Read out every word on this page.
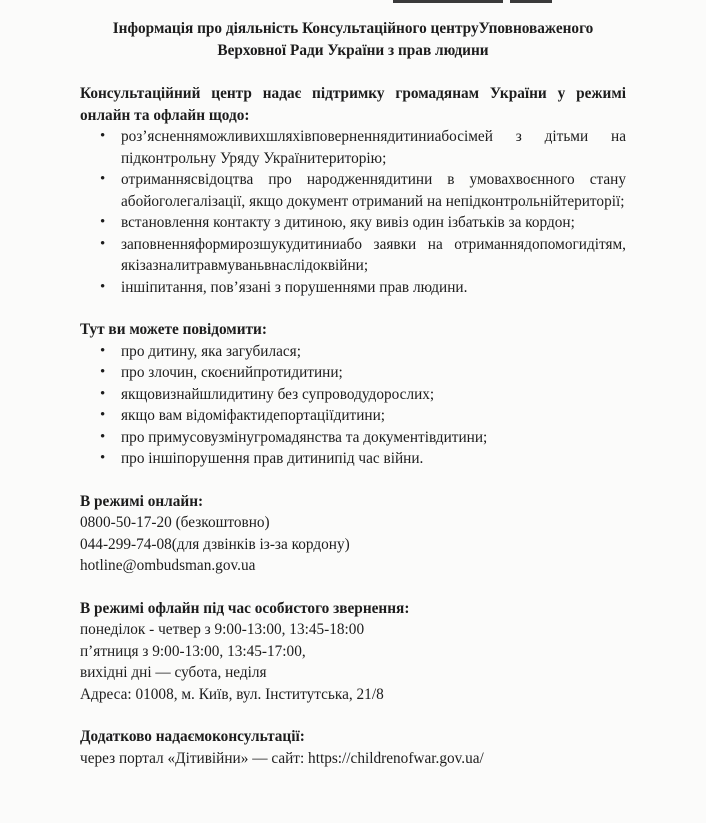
Інформація про діяльність Консультаційного центруУповноваженого
Верховної Ради України з прав людини

Консультаційний центр надає підтримку громадянам України у режимі онлайн та офлайн щодо:

• роз’ясненняможливихшляхівповерненнядитиниабосімей з дітьми на підконтрольну Уряду Українитериторію;
• отриманнясвідоцтва про народженнядитини в умовахвоєнного стану абойоголегалізації, якщо документ отриманий на непідконтрольнійтериторії;
• встановлення контакту з дитиною, яку вивіз один ізбатьків за кордон;
• заповненняформирозшукудитиниабо заявки на отриманнядопомогидітям, якізазналитравмуваньвнаслідоквійни;
• іншіпитання, пов’язані з порушеннями прав людини.

Тут ви можете повідомити:

• про дитину, яка загубилася;
• про злочин, скоєнийпротидитини;
• якщовизнайшлидитину без супроводудорослих;
• якщо вам відоміфактидепортаціїдитини;
• про примусовузмінугромадянства та документівдитини;
• про іншіпорушення прав дитинипід час війни.

В режимі онлайн:

0800-50-17-20 (безкоштовно)

044-299-74-08(для дзвінків із-за кордону)

hotline@ombudsman.gov.ua

В режимі офлайн під час особистого звернення:

понеділок - четвер з 9:00-13:00, 13:45-18:00

п’ятниця з 9:00-13:00, 13:45-17:00,

вихідні дні — субота, неділя

Адреса: 01008, м. Київ, вул. Інститутська, 21/8

Додатково надаємоконсультації:

через портал «Дітивійни» — сайт: https://childrenofwar.gov.ua/
